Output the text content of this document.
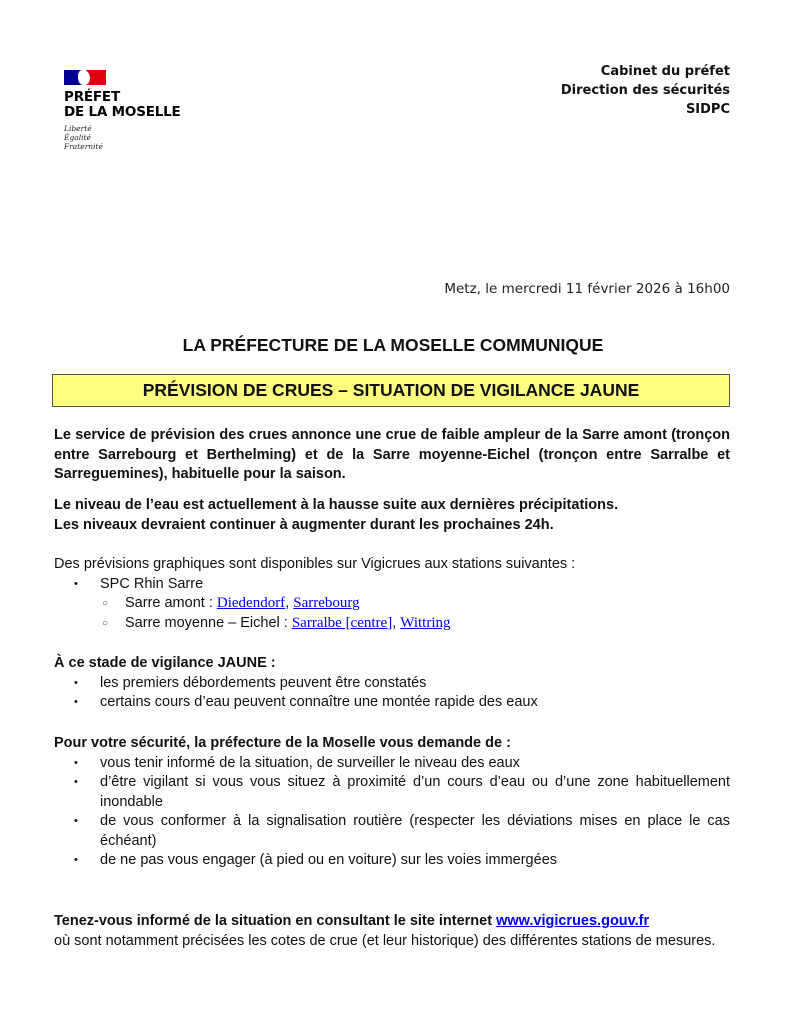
PRÉFET
DE LA MOSELLE
Liberté
Égalité
Fraternité
Cabinet du préfet
Direction des sécurités
SIDPC
Metz, le mercredi 11 février 2026 à 16h00
LA PRÉFECTURE DE LA MOSELLE COMMUNIQUE
PRÉVISION DE CRUES – SITUATION DE VIGILANCE JAUNE

Le service de prévision des crues annonce une crue de faible ampleur de la Sarre amont (tronçon entre Sarrebourg et Berthelming) et de la Sarre moyenne-Eichel (tronçon entre Sarralbe et Sarreguemines), habituelle pour la saison.

Le niveau de l’eau est actuellement à la hausse suite aux dernières précipitations.

Les niveaux devraient continuer à augmenter durant les prochaines 24h.

Des prévisions graphiques sont disponibles sur Vigicrues aux stations suivantes :

• SPC Rhin Sarre
○ Sarre amont : Diedendorf, Sarrebourg
○ Sarre moyenne – Eichel : Sarralbe [centre], Wittring

À ce stade de vigilance JAUNE :

• les premiers débordements peuvent être constatés
• certains cours d’eau peuvent connaître une montée rapide des eaux

Pour votre sécurité, la préfecture de la Moselle vous demande de :

• vous tenir informé de la situation, de surveiller le niveau des eaux
• d’être vigilant si vous vous situez à proximité d’un cours d’eau ou d’une zone habituellement inondable
• de vous conformer à la signalisation routière (respecter les déviations mises en place le cas échéant)
• de ne pas vous engager (à pied ou en voiture) sur les voies immergées

Tenez-vous informé de la situation en consultant le site internet www.vigicrues.gouv.fr

où sont notamment précisées les cotes de crue (et leur historique) des différentes stations de mesures.
